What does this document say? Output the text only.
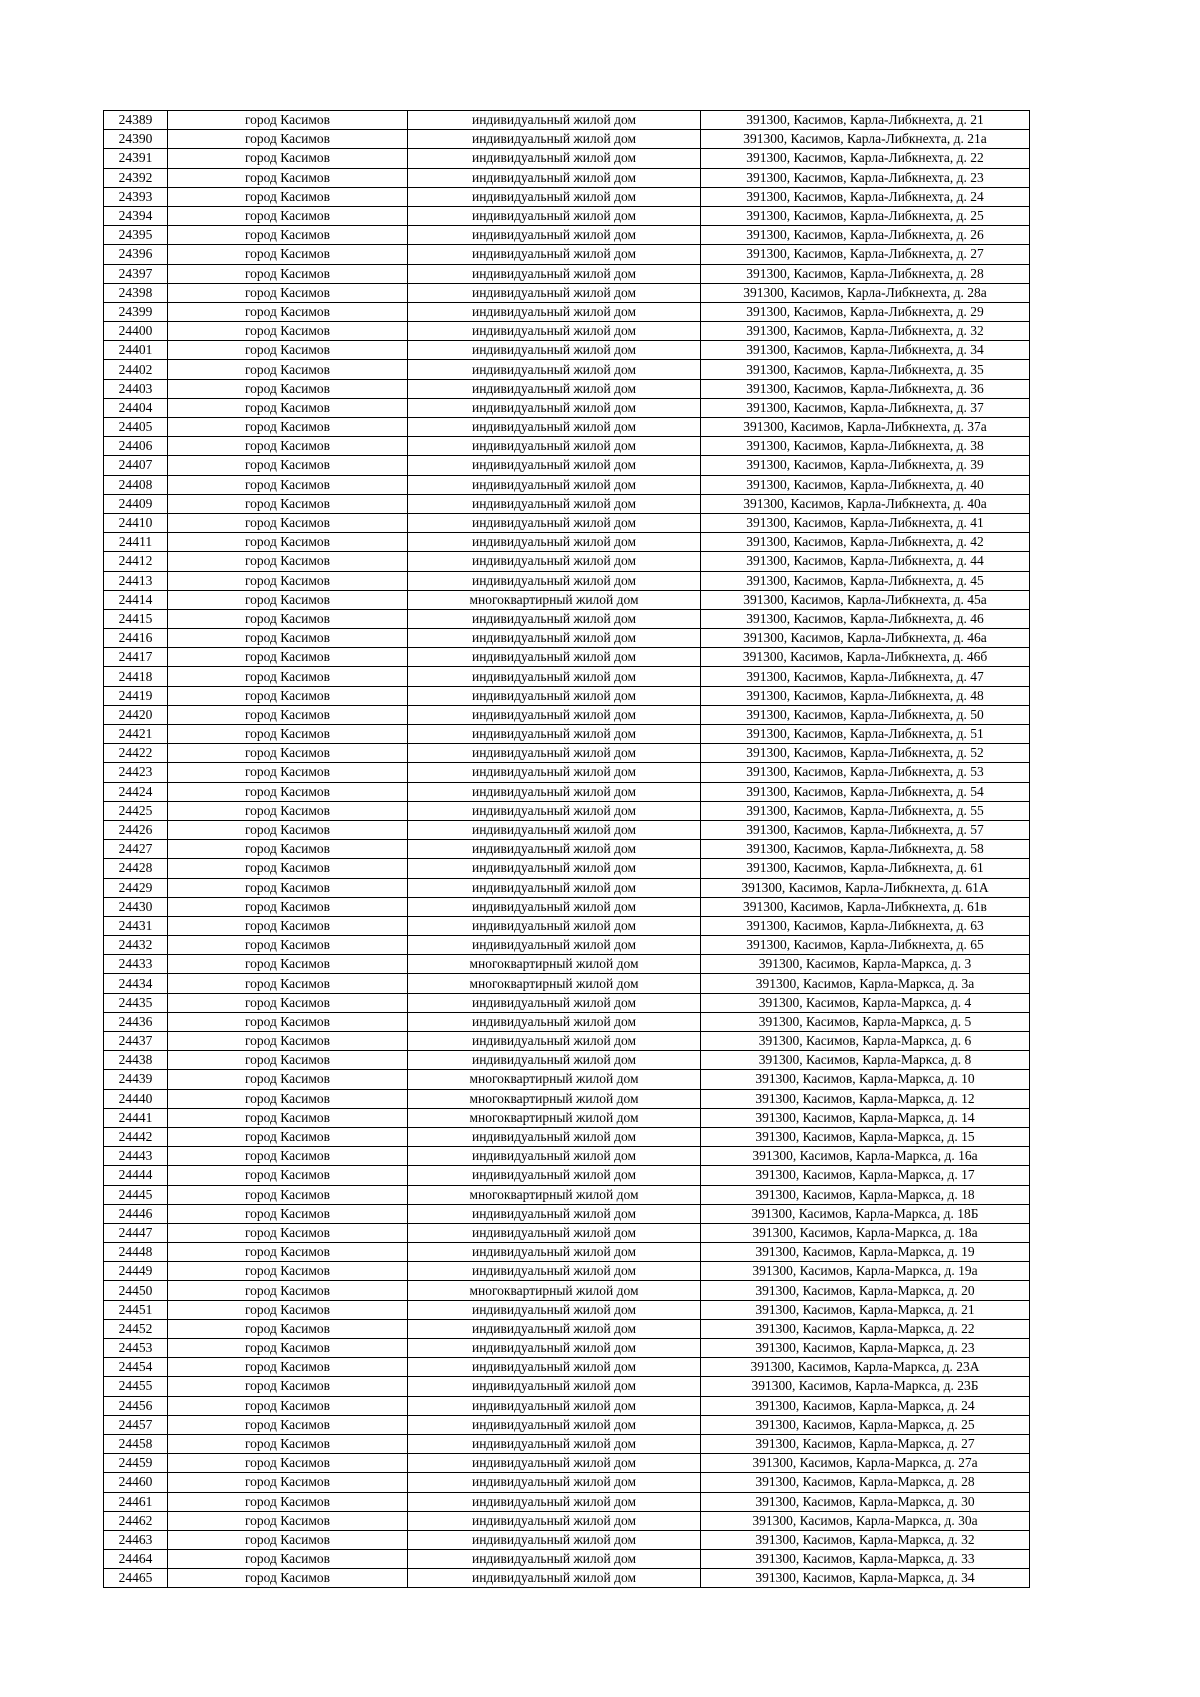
24389	город Касимов	индивидуальный жилой дом	391300, Касимов, Карла-Либкнехта, д. 21
24390	город Касимов	индивидуальный жилой дом	391300, Касимов, Карла-Либкнехта, д. 21а
24391	город Касимов	индивидуальный жилой дом	391300, Касимов, Карла-Либкнехта, д. 22
24392	город Касимов	индивидуальный жилой дом	391300, Касимов, Карла-Либкнехта, д. 23
24393	город Касимов	индивидуальный жилой дом	391300, Касимов, Карла-Либкнехта, д. 24
24394	город Касимов	индивидуальный жилой дом	391300, Касимов, Карла-Либкнехта, д. 25
24395	город Касимов	индивидуальный жилой дом	391300, Касимов, Карла-Либкнехта, д. 26
24396	город Касимов	индивидуальный жилой дом	391300, Касимов, Карла-Либкнехта, д. 27
24397	город Касимов	индивидуальный жилой дом	391300, Касимов, Карла-Либкнехта, д. 28
24398	город Касимов	индивидуальный жилой дом	391300, Касимов, Карла-Либкнехта, д. 28а
24399	город Касимов	индивидуальный жилой дом	391300, Касимов, Карла-Либкнехта, д. 29
24400	город Касимов	индивидуальный жилой дом	391300, Касимов, Карла-Либкнехта, д. 32
24401	город Касимов	индивидуальный жилой дом	391300, Касимов, Карла-Либкнехта, д. 34
24402	город Касимов	индивидуальный жилой дом	391300, Касимов, Карла-Либкнехта, д. 35
24403	город Касимов	индивидуальный жилой дом	391300, Касимов, Карла-Либкнехта, д. 36
24404	город Касимов	индивидуальный жилой дом	391300, Касимов, Карла-Либкнехта, д. 37
24405	город Касимов	индивидуальный жилой дом	391300, Касимов, Карла-Либкнехта, д. 37а
24406	город Касимов	индивидуальный жилой дом	391300, Касимов, Карла-Либкнехта, д. 38
24407	город Касимов	индивидуальный жилой дом	391300, Касимов, Карла-Либкнехта, д. 39
24408	город Касимов	индивидуальный жилой дом	391300, Касимов, Карла-Либкнехта, д. 40
24409	город Касимов	индивидуальный жилой дом	391300, Касимов, Карла-Либкнехта, д. 40а
24410	город Касимов	индивидуальный жилой дом	391300, Касимов, Карла-Либкнехта, д. 41
24411	город Касимов	индивидуальный жилой дом	391300, Касимов, Карла-Либкнехта, д. 42
24412	город Касимов	индивидуальный жилой дом	391300, Касимов, Карла-Либкнехта, д. 44
24413	город Касимов	индивидуальный жилой дом	391300, Касимов, Карла-Либкнехта, д. 45
24414	город Касимов	многоквартирный жилой дом	391300, Касимов, Карла-Либкнехта, д. 45а
24415	город Касимов	индивидуальный жилой дом	391300, Касимов, Карла-Либкнехта, д. 46
24416	город Касимов	индивидуальный жилой дом	391300, Касимов, Карла-Либкнехта, д. 46а
24417	город Касимов	индивидуальный жилой дом	391300, Касимов, Карла-Либкнехта, д. 46б
24418	город Касимов	индивидуальный жилой дом	391300, Касимов, Карла-Либкнехта, д. 47
24419	город Касимов	индивидуальный жилой дом	391300, Касимов, Карла-Либкнехта, д. 48
24420	город Касимов	индивидуальный жилой дом	391300, Касимов, Карла-Либкнехта, д. 50
24421	город Касимов	индивидуальный жилой дом	391300, Касимов, Карла-Либкнехта, д. 51
24422	город Касимов	индивидуальный жилой дом	391300, Касимов, Карла-Либкнехта, д. 52
24423	город Касимов	индивидуальный жилой дом	391300, Касимов, Карла-Либкнехта, д. 53
24424	город Касимов	индивидуальный жилой дом	391300, Касимов, Карла-Либкнехта, д. 54
24425	город Касимов	индивидуальный жилой дом	391300, Касимов, Карла-Либкнехта, д. 55
24426	город Касимов	индивидуальный жилой дом	391300, Касимов, Карла-Либкнехта, д. 57
24427	город Касимов	индивидуальный жилой дом	391300, Касимов, Карла-Либкнехта, д. 58
24428	город Касимов	индивидуальный жилой дом	391300, Касимов, Карла-Либкнехта, д. 61
24429	город Касимов	индивидуальный жилой дом	391300, Касимов, Карла-Либкнехта, д. 61А
24430	город Касимов	индивидуальный жилой дом	391300, Касимов, Карла-Либкнехта, д. 61в
24431	город Касимов	индивидуальный жилой дом	391300, Касимов, Карла-Либкнехта, д. 63
24432	город Касимов	индивидуальный жилой дом	391300, Касимов, Карла-Либкнехта, д. 65
24433	город Касимов	многоквартирный жилой дом	391300, Касимов, Карла-Маркса, д. 3
24434	город Касимов	многоквартирный жилой дом	391300, Касимов, Карла-Маркса, д. 3а
24435	город Касимов	индивидуальный жилой дом	391300, Касимов, Карла-Маркса, д. 4
24436	город Касимов	индивидуальный жилой дом	391300, Касимов, Карла-Маркса, д. 5
24437	город Касимов	индивидуальный жилой дом	391300, Касимов, Карла-Маркса, д. 6
24438	город Касимов	индивидуальный жилой дом	391300, Касимов, Карла-Маркса, д. 8
24439	город Касимов	многоквартирный жилой дом	391300, Касимов, Карла-Маркса, д. 10
24440	город Касимов	многоквартирный жилой дом	391300, Касимов, Карла-Маркса, д. 12
24441	город Касимов	многоквартирный жилой дом	391300, Касимов, Карла-Маркса, д. 14
24442	город Касимов	индивидуальный жилой дом	391300, Касимов, Карла-Маркса, д. 15
24443	город Касимов	индивидуальный жилой дом	391300, Касимов, Карла-Маркса, д. 16а
24444	город Касимов	индивидуальный жилой дом	391300, Касимов, Карла-Маркса, д. 17
24445	город Касимов	многоквартирный жилой дом	391300, Касимов, Карла-Маркса, д. 18
24446	город Касимов	индивидуальный жилой дом	391300, Касимов, Карла-Маркса, д. 18Б
24447	город Касимов	индивидуальный жилой дом	391300, Касимов, Карла-Маркса, д. 18а
24448	город Касимов	индивидуальный жилой дом	391300, Касимов, Карла-Маркса, д. 19
24449	город Касимов	индивидуальный жилой дом	391300, Касимов, Карла-Маркса, д. 19а
24450	город Касимов	многоквартирный жилой дом	391300, Касимов, Карла-Маркса, д. 20
24451	город Касимов	индивидуальный жилой дом	391300, Касимов, Карла-Маркса, д. 21
24452	город Касимов	индивидуальный жилой дом	391300, Касимов, Карла-Маркса, д. 22
24453	город Касимов	индивидуальный жилой дом	391300, Касимов, Карла-Маркса, д. 23
24454	город Касимов	индивидуальный жилой дом	391300, Касимов, Карла-Маркса, д. 23А
24455	город Касимов	индивидуальный жилой дом	391300, Касимов, Карла-Маркса, д. 23Б
24456	город Касимов	индивидуальный жилой дом	391300, Касимов, Карла-Маркса, д. 24
24457	город Касимов	индивидуальный жилой дом	391300, Касимов, Карла-Маркса, д. 25
24458	город Касимов	индивидуальный жилой дом	391300, Касимов, Карла-Маркса, д. 27
24459	город Касимов	индивидуальный жилой дом	391300, Касимов, Карла-Маркса, д. 27а
24460	город Касимов	индивидуальный жилой дом	391300, Касимов, Карла-Маркса, д. 28
24461	город Касимов	индивидуальный жилой дом	391300, Касимов, Карла-Маркса, д. 30
24462	город Касимов	индивидуальный жилой дом	391300, Касимов, Карла-Маркса, д. 30а
24463	город Касимов	индивидуальный жилой дом	391300, Касимов, Карла-Маркса, д. 32
24464	город Касимов	индивидуальный жилой дом	391300, Касимов, Карла-Маркса, д. 33
24465	город Касимов	индивидуальный жилой дом	391300, Касимов, Карла-Маркса, д. 34
